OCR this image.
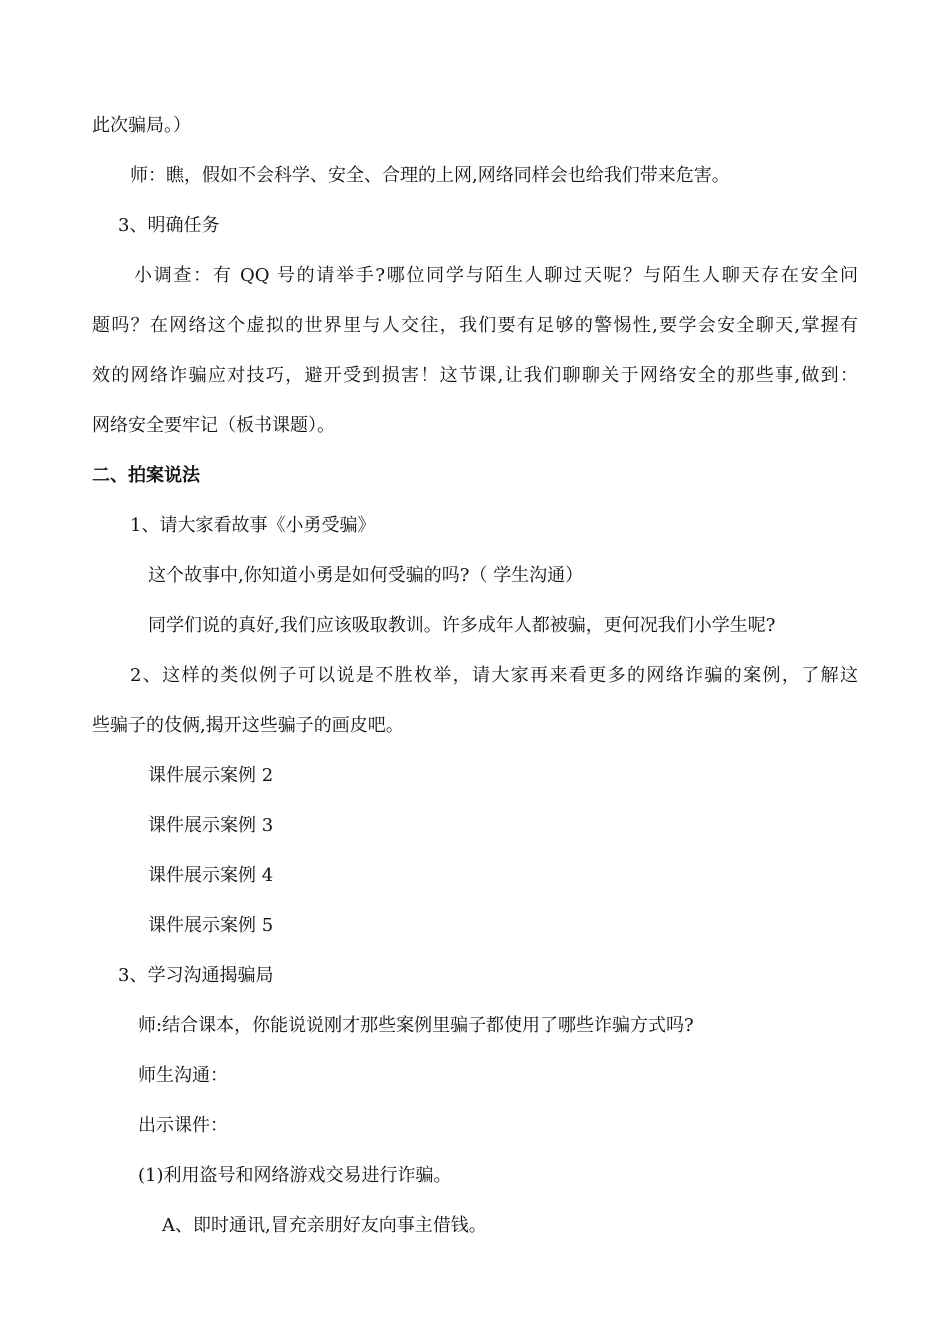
此次骗局。）
师：瞧，假如不会科学、安全、合理的上网,网络同样会也给我们带来危害。
3、明确任务
小调查：有 QQ 号的请举手?哪位同学与陌生人聊过天呢？与陌生人聊天存在安全问
题吗？在网络这个虚拟的世界里与人交往，我们要有足够的警惕性,要学会安全聊天,掌握有
效的网络诈骗应对技巧，避开受到损害！这节课,让我们聊聊关于网络安全的那些事,做到：
网络安全要牢记（板书课题）。
二、拍案说法
1、请大家看故事《小勇受骗》
这个故事中,你知道小勇是如何受骗的吗?（ 学生沟通）
同学们说的真好,我们应该吸取教训。许多成年人都被骗，更何况我们小学生呢?
2、这样的类似例子可以说是不胜枚举，请大家再来看更多的网络诈骗的案例，了解这
些骗子的伎俩,揭开这些骗子的画皮吧。
课件展示案例 2
课件展示案例 3
课件展示案例 4
课件展示案例 5
3、学习沟通揭骗局
师:结合课本，你能说说刚才那些案例里骗子都使用了哪些诈骗方式吗?
师生沟通：
出示课件：
(1)利用盗号和网络游戏交易进行诈骗。
A、即时通讯,冒充亲朋好友向事主借钱。
